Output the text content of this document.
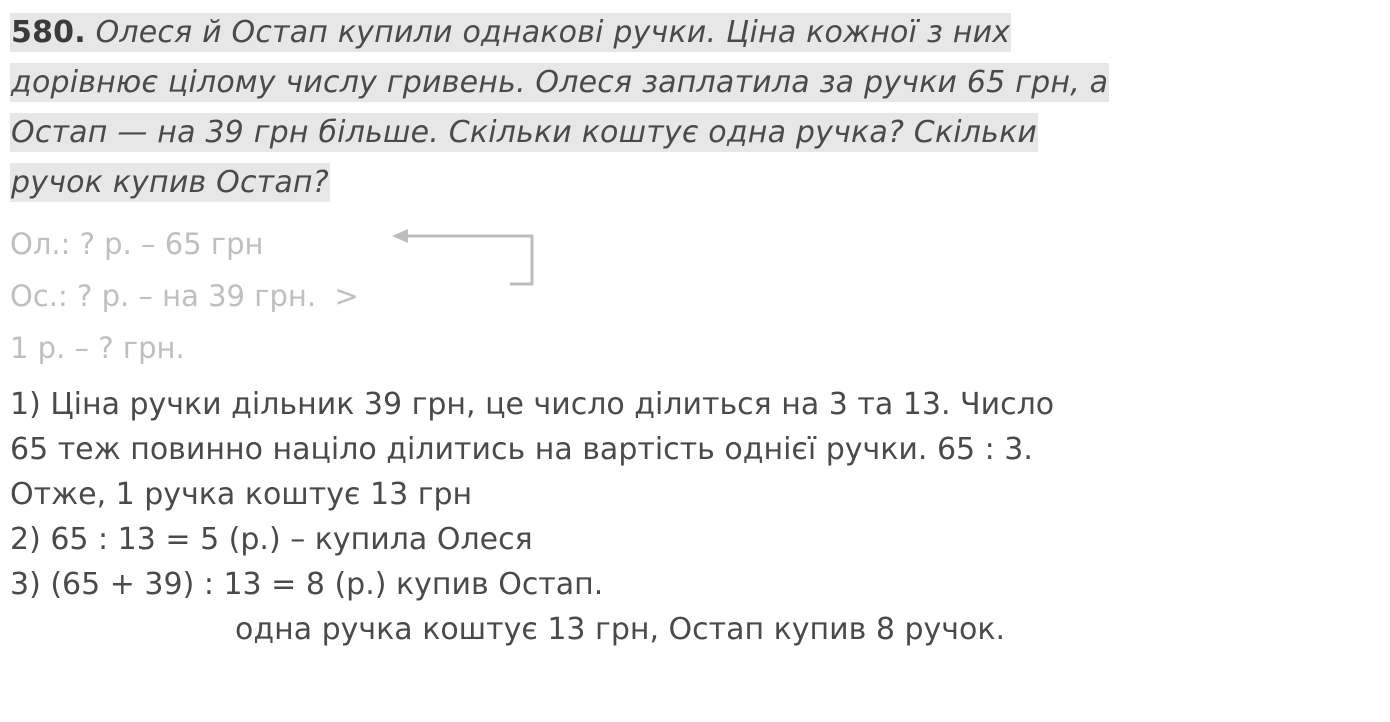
580. Олеся й Остап купили однакові ручки. Ціна кожної з них
дорівнює цілому числу гривень. Олеся заплатила за ручки 65 грн, а
Остап — на 39 грн більше. Скільки коштує одна ручка? Скільки
ручок купив Остап?
Ол.: ? р. – 65 грн
Ос.: ? р. – на 39 грн.  >
1 р. – ? грн.
1) Ціна ручки дільник 39 грн, це число ділиться на 3 та 13. Число
65 теж повинно націло ділитись на вартість однієї ручки. 65 : 3.
Отже, 1 ручка коштує 13 грн
2) 65 : 13 = 5 (р.) – купила Олеся
3) (65 + 39) : 13 = 8 (р.) купив Остап.
одна ручка коштує 13 грн, Остап купив 8 ручок.
